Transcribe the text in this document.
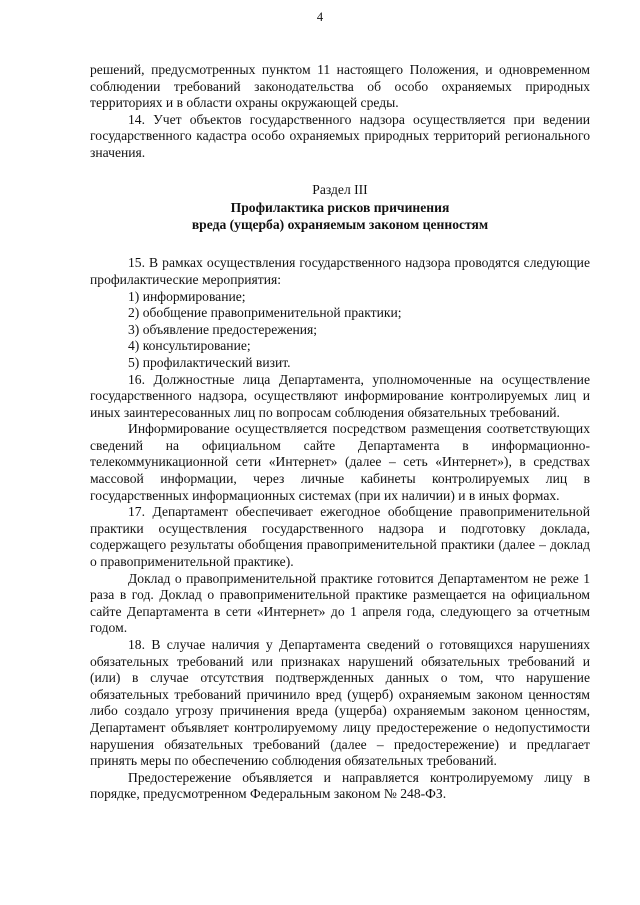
4

решений, предусмотренных пунктом 11 настоящего Положения, и одновременном соблюдении требований законодательства об особо охраняемых природных территориях и в области охраны окружающей среды.

14. Учет объектов государственного надзора осуществляется при ведении государственного кадастра особо охраняемых природных территорий регионального значения.

Раздел III
Профилактика рисков причинения
вреда (ущерба) охраняемым законом ценностям

15. В рамках осуществления государственного надзора проводятся следующие профилактические мероприятия:

1) информирование;

2) обобщение правоприменительной практики;

3) объявление предостережения;

4) консультирование;

5) профилактический визит.

16. Должностные лица Департамента, уполномоченные на осуществление государственного надзора, осуществляют информирование контролируемых лиц и иных заинтересованных лиц по вопросам соблюдения обязательных требований.

Информирование осуществляется посредством размещения соответствующих сведений на официальном сайте Департамента в информационно-телекоммуникационной сети «Интернет» (далее – сеть «Интернет»), в средствах массовой информации, через личные кабинеты контролируемых лиц в государственных информационных системах (при их наличии) и в иных формах.

17. Департамент обеспечивает ежегодное обобщение правоприменительной практики осуществления государственного надзора и подготовку доклада, содержащего результаты обобщения правоприменительной практики (далее – доклад о правоприменительной практике).

Доклад о правоприменительной практике готовится Департаментом не реже 1 раза в год. Доклад о правоприменительной практике размещается на официальном сайте Департамента в сети «Интернет» до 1 апреля года, следующего за отчетным годом.

18. В случае наличия у Департамента сведений о готовящихся нарушениях обязательных требований или признаках нарушений обязательных требований и (или) в случае отсутствия подтвержденных данных о том, что нарушение обязательных требований причинило вред (ущерб) охраняемым законом ценностям либо создало угрозу причинения вреда (ущерба) охраняемым законом ценностям, Департамент объявляет контролируемому лицу предостережение о недопустимости нарушения обязательных требований (далее – предостережение) и предлагает принять меры по обеспечению соблюдения обязательных требований.

Предостережение объявляется и направляется контролируемому лицу в порядке, предусмотренном Федеральным законом № 248-ФЗ.
